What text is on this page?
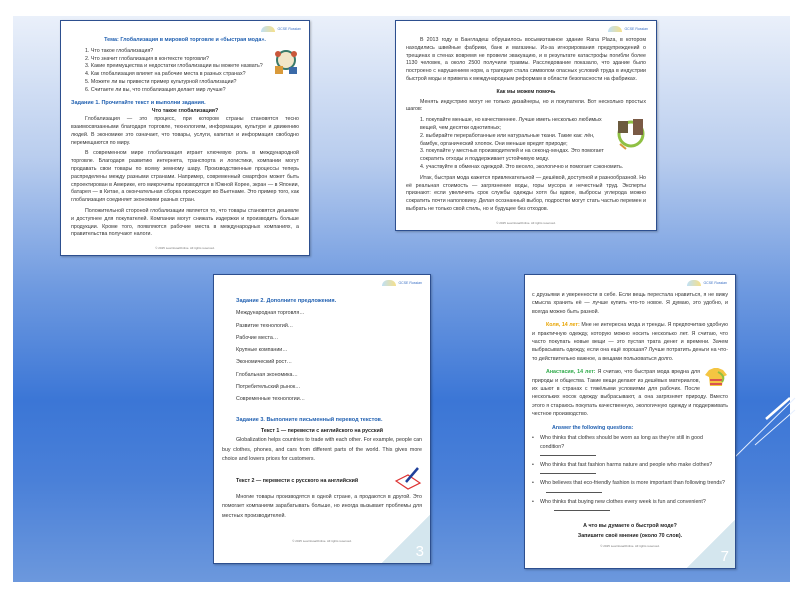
GCSE Russian
Тема: Глобализация в мировой торговле и «быстрая мода».
1. Что такое глобализация?
2. Что значит глобализация в контексте торговли?
3. Какие преимущества и недостатки глобализации вы можете назвать?
4. Как глобализация влияет на рабочие места в разных странах?
5. Можете ли вы привести пример культурной глобализации?
6. Считаете ли вы, что глобализация делает мир лучше?
Задание 1. Прочитайте текст и выполни задания.
Что такое глобализация?

Глобализация — это процесс, при котором страны становятся тесно взаимосвязанными благодаря торговле, технологиям, информации, культуре и движению людей. В экономике это означает, что товары, услуги, капитал и информация свободно перемещаются по миру.

В современном мире глобализация играет ключевую роль в международной торговле. Благодаря развитию интернета, транспорта и логистики, компании могут продавать свои товары по всему земному шару. Производственные процессы теперь распределены между разными странами. Например, современный смартфон может быть спроектирован в Америке, его микрочипы производятся в Южной Корее, экран — в Японии, батарея — в Китае, а окончательная сборка происходит во Вьетнаме. Это пример того, как глобализация соединяет экономики разных стран.

Положительной стороной глобализации является то, что товары становятся дешевле и доступнее для покупателей. Компании могут снижать издержки и производить больше продукции. Кроме того, появляются рабочие места в международных компаниях, а правительства получают налоги.

© 2025 LearnGoalOnline. All rights reserved.
GCSE Russian

В 2013 году в Бангладеш обрушилось восьмиэтажное здание Rana Plaza, в котором находились швейные фабрики, банк и магазины. Из-за игнорирования предупреждений о трещинах в стенах вовремя не провели эвакуацию, и в результате катастрофы погибли более 1130 человек, а около 2500 получили травмы. Расследование показало, что здание было построено с нарушением норм, а трагедия стала символом опасных условий труда в индустрии быстрой моды и привела к международным реформам в области безопасности на фабриках.

Как мы можем помочь

Менять индустрию могут не только дизайнеры, но и покупатели. Вот несколько простых шагов:

1. покупайте меньше, но качественнее. Лучше иметь несколько любимых вещей, чем десятки однотипных;
2. выбирайте переработанные или натуральные ткани. Такие как: лён, бамбук, органический хлопок. Они меньше вредят природе;
3. покупайте у местных производителей и на секонд-хендах. Это помогает сократить отходы и поддерживает устойчивую моду.
4. участвуйте в обменах одеждой. Это весело, экологично и помогает сэкономить.

Итак, быстрая мода кажется привлекательной — дешёвой, доступной и разнообразной. Но её реальная стоимость — загрязнение воды, горы мусора и нечестный труд. Эксперты признают: если увеличить срок службы одежды хотя бы вдвое, выбросы углерода можно сократить почти наполовину. Делая осознанный выбор, подростки могут стать частью перемен и выбрать не только свой стиль, но и будущее без отходов.

© 2025 LearnGoalOnline. All rights reserved.
GCSE Russian
Задание 2. Дополните предложения.
Международная торговля…
Развитие технологий…
Рабочие места…
Крупные компании…
Экономический рост…
Глобальная экономика…
Потребительский рынок…
Современные технологии…
Задание 3. Выполните письменный перевод текстов.
Текст 1 — перевести с английского на русский

Globalization helps countries to trade with each other. For example, people can buy clothes, phones, and cars from different parts of the world. This gives more choice and lowers prices for customers.

Текст 2 — перевести с русского на английский

Многие товары производятся в одной стране, а продаются в другой. Это помогает компаниям зарабатывать больше, но иногда вызывает проблемы для местных производителей.

3
© 2025 LearnGoalOnline. All rights reserved.
GCSE Russian

с друзьями и уверенности в себе. Если вещь перестала нравиться, я не вижу смысла хранить её — лучше купить что-то новое. Я думаю, это удобно, и всегда можно быть разной.

Коля, 14 лет: Мне не интересна мода и тренды. Я предпочитаю удобную и практичную одежду, которую можно носить несколько лет. Я считаю, что часто покупать новые вещи — это пустая трата денег и времени. Зачем выбрасывать одежду, если она ещё хорошая? Лучше потратить деньги на что-то действительно важное, а вещами пользоваться долго.

Анастасия, 14 лет: Я считаю, что быстрая мода вредна для природы и общества. Такие вещи делают из дешёвых материалов, их шьют в странах с тяжёлыми условиями для рабочих. После нескольких носок одежду выбрасывают, а она загрязняет природу. Вместо этого я стараюсь покупать качественную, экологичную одежду и поддерживать честное производство.

Answer the following questions:
• Who thinks that clothes should be worn as long as they're still in good condition?
• Who thinks that fast fashion harms nature and people who make clothes?
• Who believes that eco-friendly fashion is more important than following trends?
• Who thinks that buying new clothes every week is fun and convenient?
А что вы думаете о быстрой моде?
Запишите своё мнение (около 70 слов).
7
© 2025 LearnGoalOnline. All rights reserved.
